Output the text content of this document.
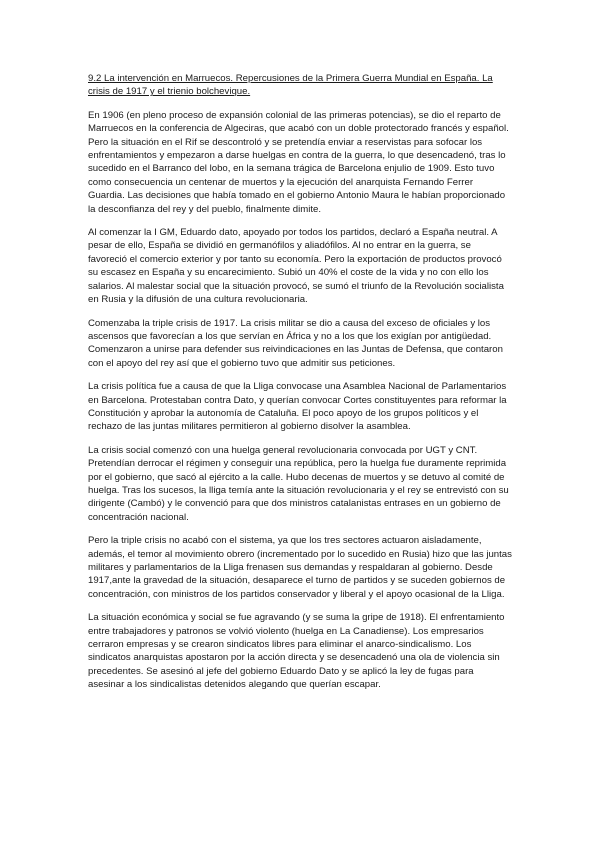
9.2 La intervención en Marruecos. Repercusiones de la Primera Guerra Mundial en España. La crisis de 1917 y el trienio bolchevique.

En 1906 (en pleno proceso de expansión colonial de las primeras potencias), se dio el reparto de Marruecos en la conferencia de Algeciras, que acabó con un doble protectorado francés y español. Pero la situación en el Rif se descontroló y se pretendía enviar a reservistas para sofocar los enfrentamientos y empezaron a darse huelgas en contra de la guerra, lo que desencadenó, tras lo sucedido en el Barranco del lobo, en la semana trágica de Barcelona enjulio de 1909. Esto tuvo como consecuencia un centenar de muertos y la ejecución del anarquista Fernando Ferrer Guardia. Las decisiones que había tomado en el gobierno Antonio Maura le habían proporcionado la desconfianza del rey y del pueblo, finalmente dimite.

Al comenzar la I GM, Eduardo dato, apoyado por todos los partidos, declaró a España neutral. A pesar de ello, España se dividió en germanófilos y aliadófilos. Al no entrar en la guerra, se favoreció el comercio exterior y por tanto su economía. Pero la exportación de productos provocó su escasez en España y su encarecimiento. Subió un 40% el coste de la vida y no con ello los salarios. Al malestar social que la situación provocó, se sumó el triunfo de la Revolución socialista en Rusia y la difusión de una cultura revolucionaria.

Comenzaba la triple crisis de 1917. La crisis militar se dio a causa del exceso de oficiales y los ascensos que favorecían a los que servían en África y no a los que los exigían por antigüedad. Comenzaron a unirse para defender sus reivindicaciones en las Juntas de Defensa, que contaron con el apoyo del rey así que el gobierno tuvo que admitir sus peticiones.

La crisis política fue a causa de que la Lliga convocase una Asamblea Nacional de Parlamentarios en Barcelona. Protestaban contra Dato, y querían convocar Cortes constituyentes para reformar la Constitución y aprobar la autonomía de Cataluña. El poco apoyo de los grupos políticos y el rechazo de las juntas militares permitieron al gobierno disolver la asamblea.

La crisis social comenzó con una huelga general revolucionaria convocada por UGT y CNT. Pretendían derrocar el régimen y conseguir una república, pero la huelga fue duramente reprimida por el gobierno, que sacó al ejército a la calle. Hubo decenas de muertos y se detuvo al comité de huelga. Tras los sucesos, la lliga temía ante la situación revolucionaria y el rey se entrevistó con su dirigente (Cambó) y le convenció para que dos ministros catalanistas entrases en un gobierno de concentración nacional.

Pero la triple crisis no acabó con el sistema, ya que los tres sectores actuaron aisladamente, además, el temor al movimiento obrero (incrementado por lo sucedido en Rusia) hizo que las juntas militares y parlamentarios de la Lliga frenasen sus demandas y respaldaran al gobierno. Desde 1917,ante la gravedad de la situación, desaparece el turno de partidos y se suceden gobiernos de concentración, con ministros de los partidos conservador y liberal y el apoyo ocasional de la Lliga.

La situación económica y social se fue agravando (y se suma la gripe de 1918). El enfrentamiento entre trabajadores y patronos se volvió violento (huelga en La Canadiense). Los empresarios cerraron empresas y se crearon sindicatos libres para eliminar el anarco-sindicalismo. Los sindicatos anarquistas apostaron por la acción directa y se desencadenó una ola de violencia sin precedentes. Se asesinó al jefe del gobierno Eduardo Dato y se aplicó la ley de fugas para asesinar a los sindicalistas detenidos alegando que querían escapar.
